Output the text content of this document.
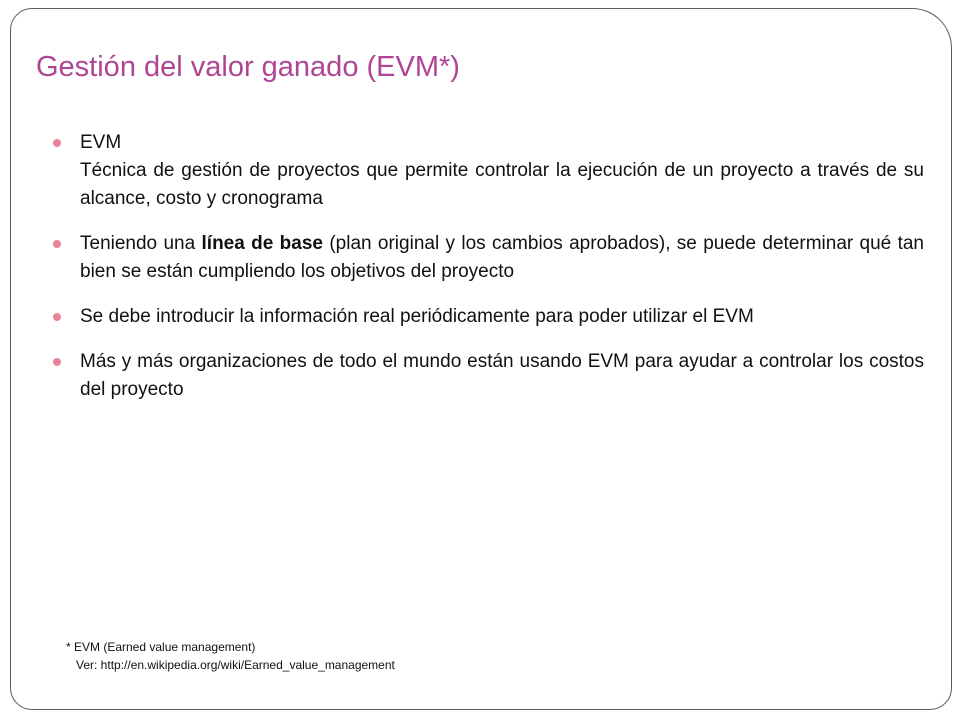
Gestión del valor ganado (EVM*)
EVM
Técnica de gestión de proyectos que permite controlar la ejecución de un proyecto a través de su alcance, costo y cronograma
Teniendo una línea de base (plan original y los cambios aprobados), se puede determinar qué tan bien se están cumpliendo los objetivos del proyecto
Se debe introducir la información real periódicamente para poder utilizar el EVM
Más y más organizaciones de todo el mundo están usando EVM para ayudar a controlar los costos del proyecto
* EVM (Earned value management)
Ver: http://en.wikipedia.org/wiki/Earned_value_management
